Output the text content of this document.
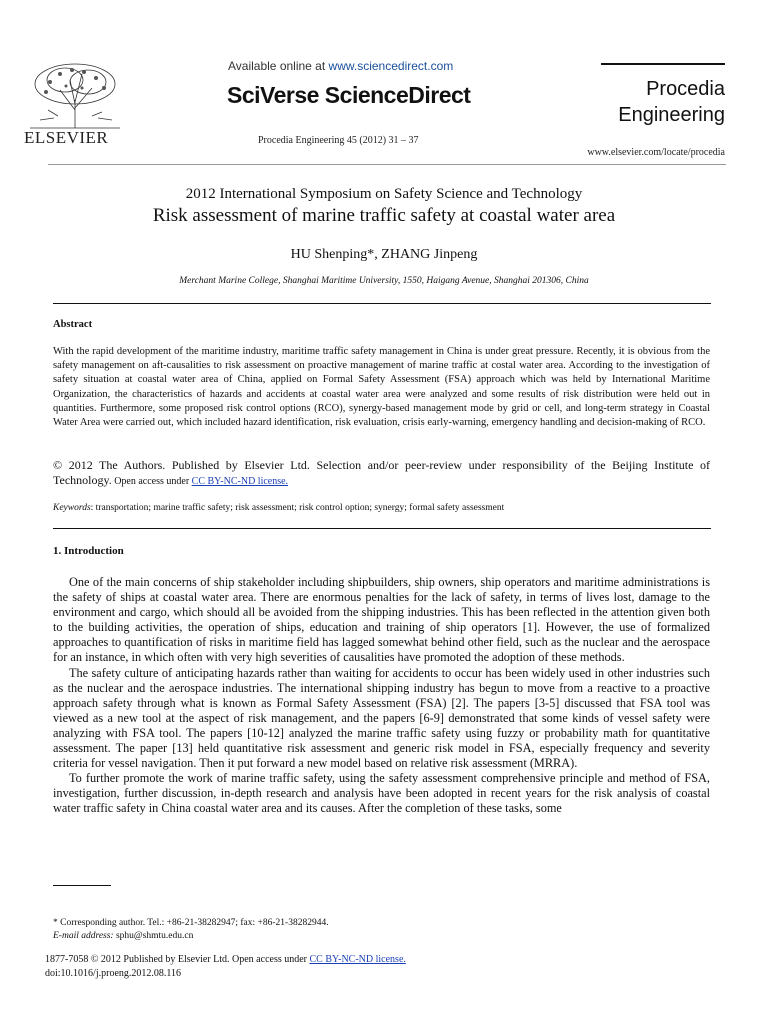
ELSEVIER
Available online at www.sciencedirect.com
SciVerse ScienceDirect
Procedia Engineering 45 (2012) 31 – 37
Procedia
Engineering
www.elsevier.com/locate/procedia
2012 International Symposium on Safety Science and Technology
Risk assessment of marine traffic safety at coastal water area
HU Shenping*, ZHANG Jinpeng
Merchant Marine College, Shanghai Maritime University, 1550, Haigang Avenue, Shanghai 201306, China
Abstract
With the rapid development of the maritime industry, maritime traffic safety management in China is under great pressure. Recently, it is obvious from the safety management on aft-causalities to risk assessment on proactive management of marine traffic at costal water area. According to the investigation of safety situation at coastal water area of China, applied on Formal Safety Assessment (FSA) approach which was held by International Maritime Organization, the characteristics of hazards and accidents at coastal water area were analyzed and some results of risk distribution were held out in quantities. Furthermore, some proposed risk control options (RCO), synergy-based management mode by grid or cell, and long-term strategy in Coastal Water Area were carried out, which included hazard identification, risk evaluation, crisis early-warning, emergency handling and decision-making of RCO.
© 2012 The Authors. Published by Elsevier Ltd. Selection and/or peer-review under responsibility of the Beijing Institute of Technology. Open access under CC BY-NC-ND license.
Keywords: transportation; marine traffic safety; risk assessment; risk control option; synergy; formal safety assessment
1. Introduction

One of the main concerns of ship stakeholder including shipbuilders, ship owners, ship operators and maritime administrations is the safety of ships at coastal water area. There are enormous penalties for the lack of safety, in terms of lives lost, damage to the environment and cargo, which should all be avoided from the shipping industries. This has been reflected in the attention given both to the building activities, the operation of ships, education and training of ship operators [1]. However, the use of formalized approaches to quantification of risks in maritime field has lagged somewhat behind other field, such as the nuclear and the aerospace for an instance, in which often with very high severities of causalities have promoted the adoption of these methods.

The safety culture of anticipating hazards rather than waiting for accidents to occur has been widely used in other industries such as the nuclear and the aerospace industries. The international shipping industry has begun to move from a reactive to a proactive approach safety through what is known as Formal Safety Assessment (FSA) [2]. The papers [3-5] discussed that FSA tool was viewed as a new tool at the aspect of risk management, and the papers [6-9] demonstrated that some kinds of vessel safety were analyzing with FSA tool. The papers [10-12] analyzed the marine traffic safety using fuzzy or probability math for quantitative assessment. The paper [13] held quantitative risk assessment and generic risk model in FSA, especially frequency and severity criteria for vessel navigation. Then it put forward a new model based on relative risk assessment (MRRA).

To further promote the work of marine traffic safety, using the safety assessment comprehensive principle and method of FSA, investigation, further discussion, in-depth research and analysis have been adopted in recent years for the risk analysis of coastal water traffic safety in China coastal water area and its causes. After the completion of these tasks, some

* Corresponding author. Tel.: +86-21-38282947; fax: +86-21-38282944.
E-mail address: sphu@shmtu.edu.cn
1877-7058 © 2012 Published by Elsevier Ltd. Open access under CC BY-NC-ND license.
doi:10.1016/j.proeng.2012.08.116
